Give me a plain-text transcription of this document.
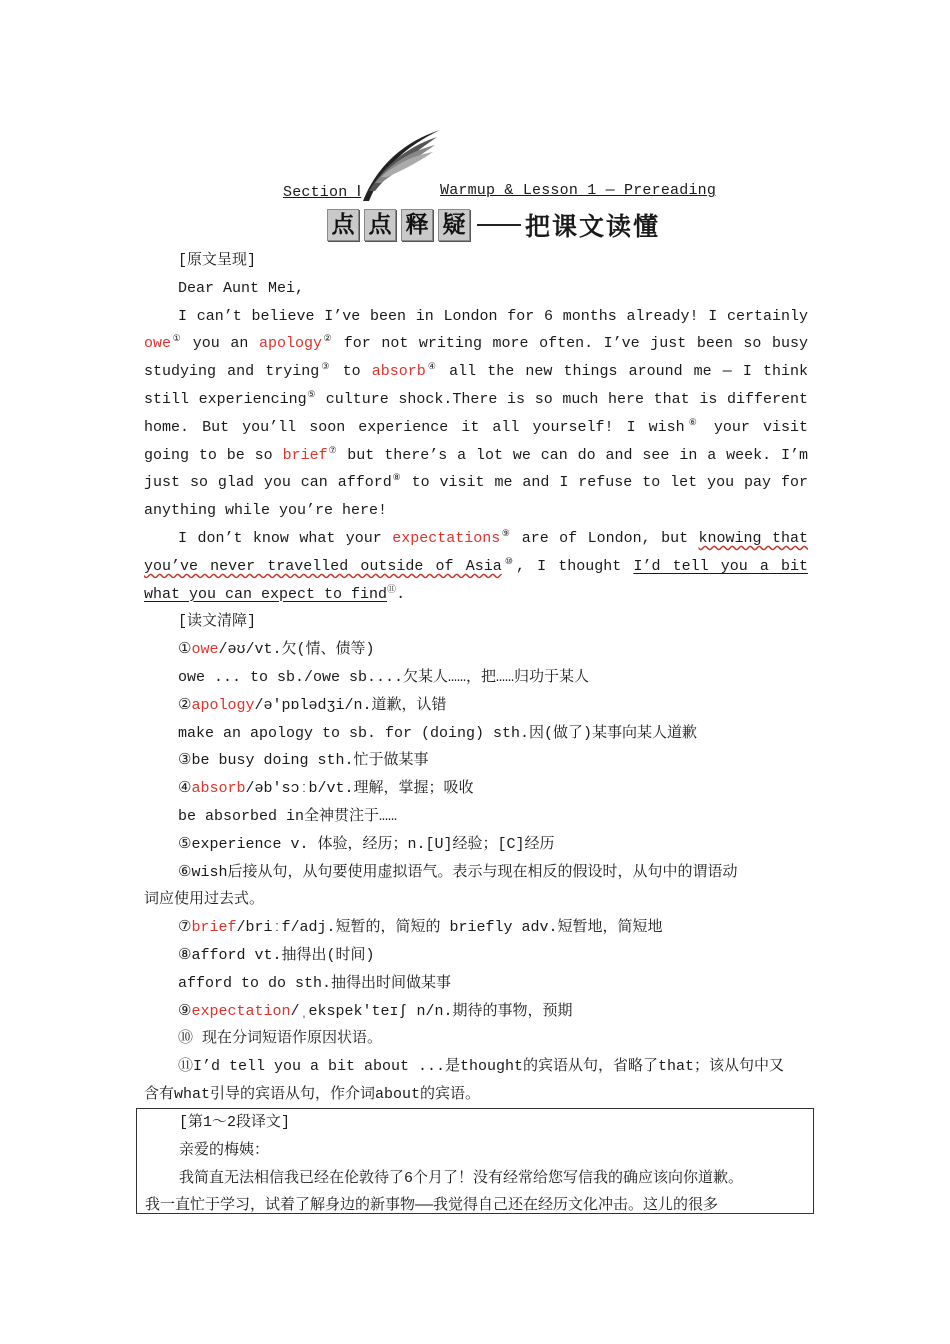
Section Ⅰ	Warmup & Lesson 1 — Prereading
点 点 释 疑 把课文读懂
[原文呈现]
Dear Aunt Mei,
I can’t believe I’ve been in London for 6 months already! I certainly
owe① you an apology② for not writing more often. I’ve just been so busy
studying and trying③ to absorb④ all the new things around me — I think
still experiencing⑤ culture shock.There is so much here that is different
home. But you’ll soon experience it all yourself! I wish⑥ your visit
going to be so brief⑦ but there’s a lot we can do and see in a week. I’m
just so glad you can afford⑧ to visit me and I refuse to let you pay for
anything while you’re here!
I don’t know what your expectations⑨ are of London, but knowing that
you’ve never travelled outside of Asia⑩, I thought I’d tell you a bit
what you can expect to find⑪.
[读文清障]
①owe/əʊ/vt.欠(情、债等)
owe ... to sb./owe sb....欠某人……，把……归功于某人
②apology/ə'pɒlədʒi/n.道歉，认错
make an apology to sb. for (doing) sth.因(做了)某事向某人道歉
③be busy doing sth.忙于做某事
④absorb/əb'sɔːb/vt.理解，掌握；吸收
be absorbed in全神贯注于……
⑤experience v. 体验，经历；n.[U]经验；[C]经历
⑥wish后接从句，从句要使用虚拟语气。表示与现在相反的假设时，从句中的谓语动
词应使用过去式。
⑦brief/briːf/adj.短暂的，简短的 briefly adv.短暂地，简短地
⑧afford vt.抽得出(时间)
afford to do sth.抽得出时间做某事
⑨expectation/ˌekspek'teɪʃ n/n.期待的事物，预期
⑩ 现在分词短语作原因状语。
⑪I’d tell you a bit about ...是thought的宾语从句，省略了that；该从句中又
含有what引导的宾语从句，作介词about的宾语。
[第1～2段译文]
亲爱的梅姨：
我简直无法相信我已经在伦敦待了6个月了！没有经常给您写信我的确应该向你道歉。
我一直忙于学习，试着了解身边的新事物——我觉得自己还在经历文化冲击。这儿的很多
